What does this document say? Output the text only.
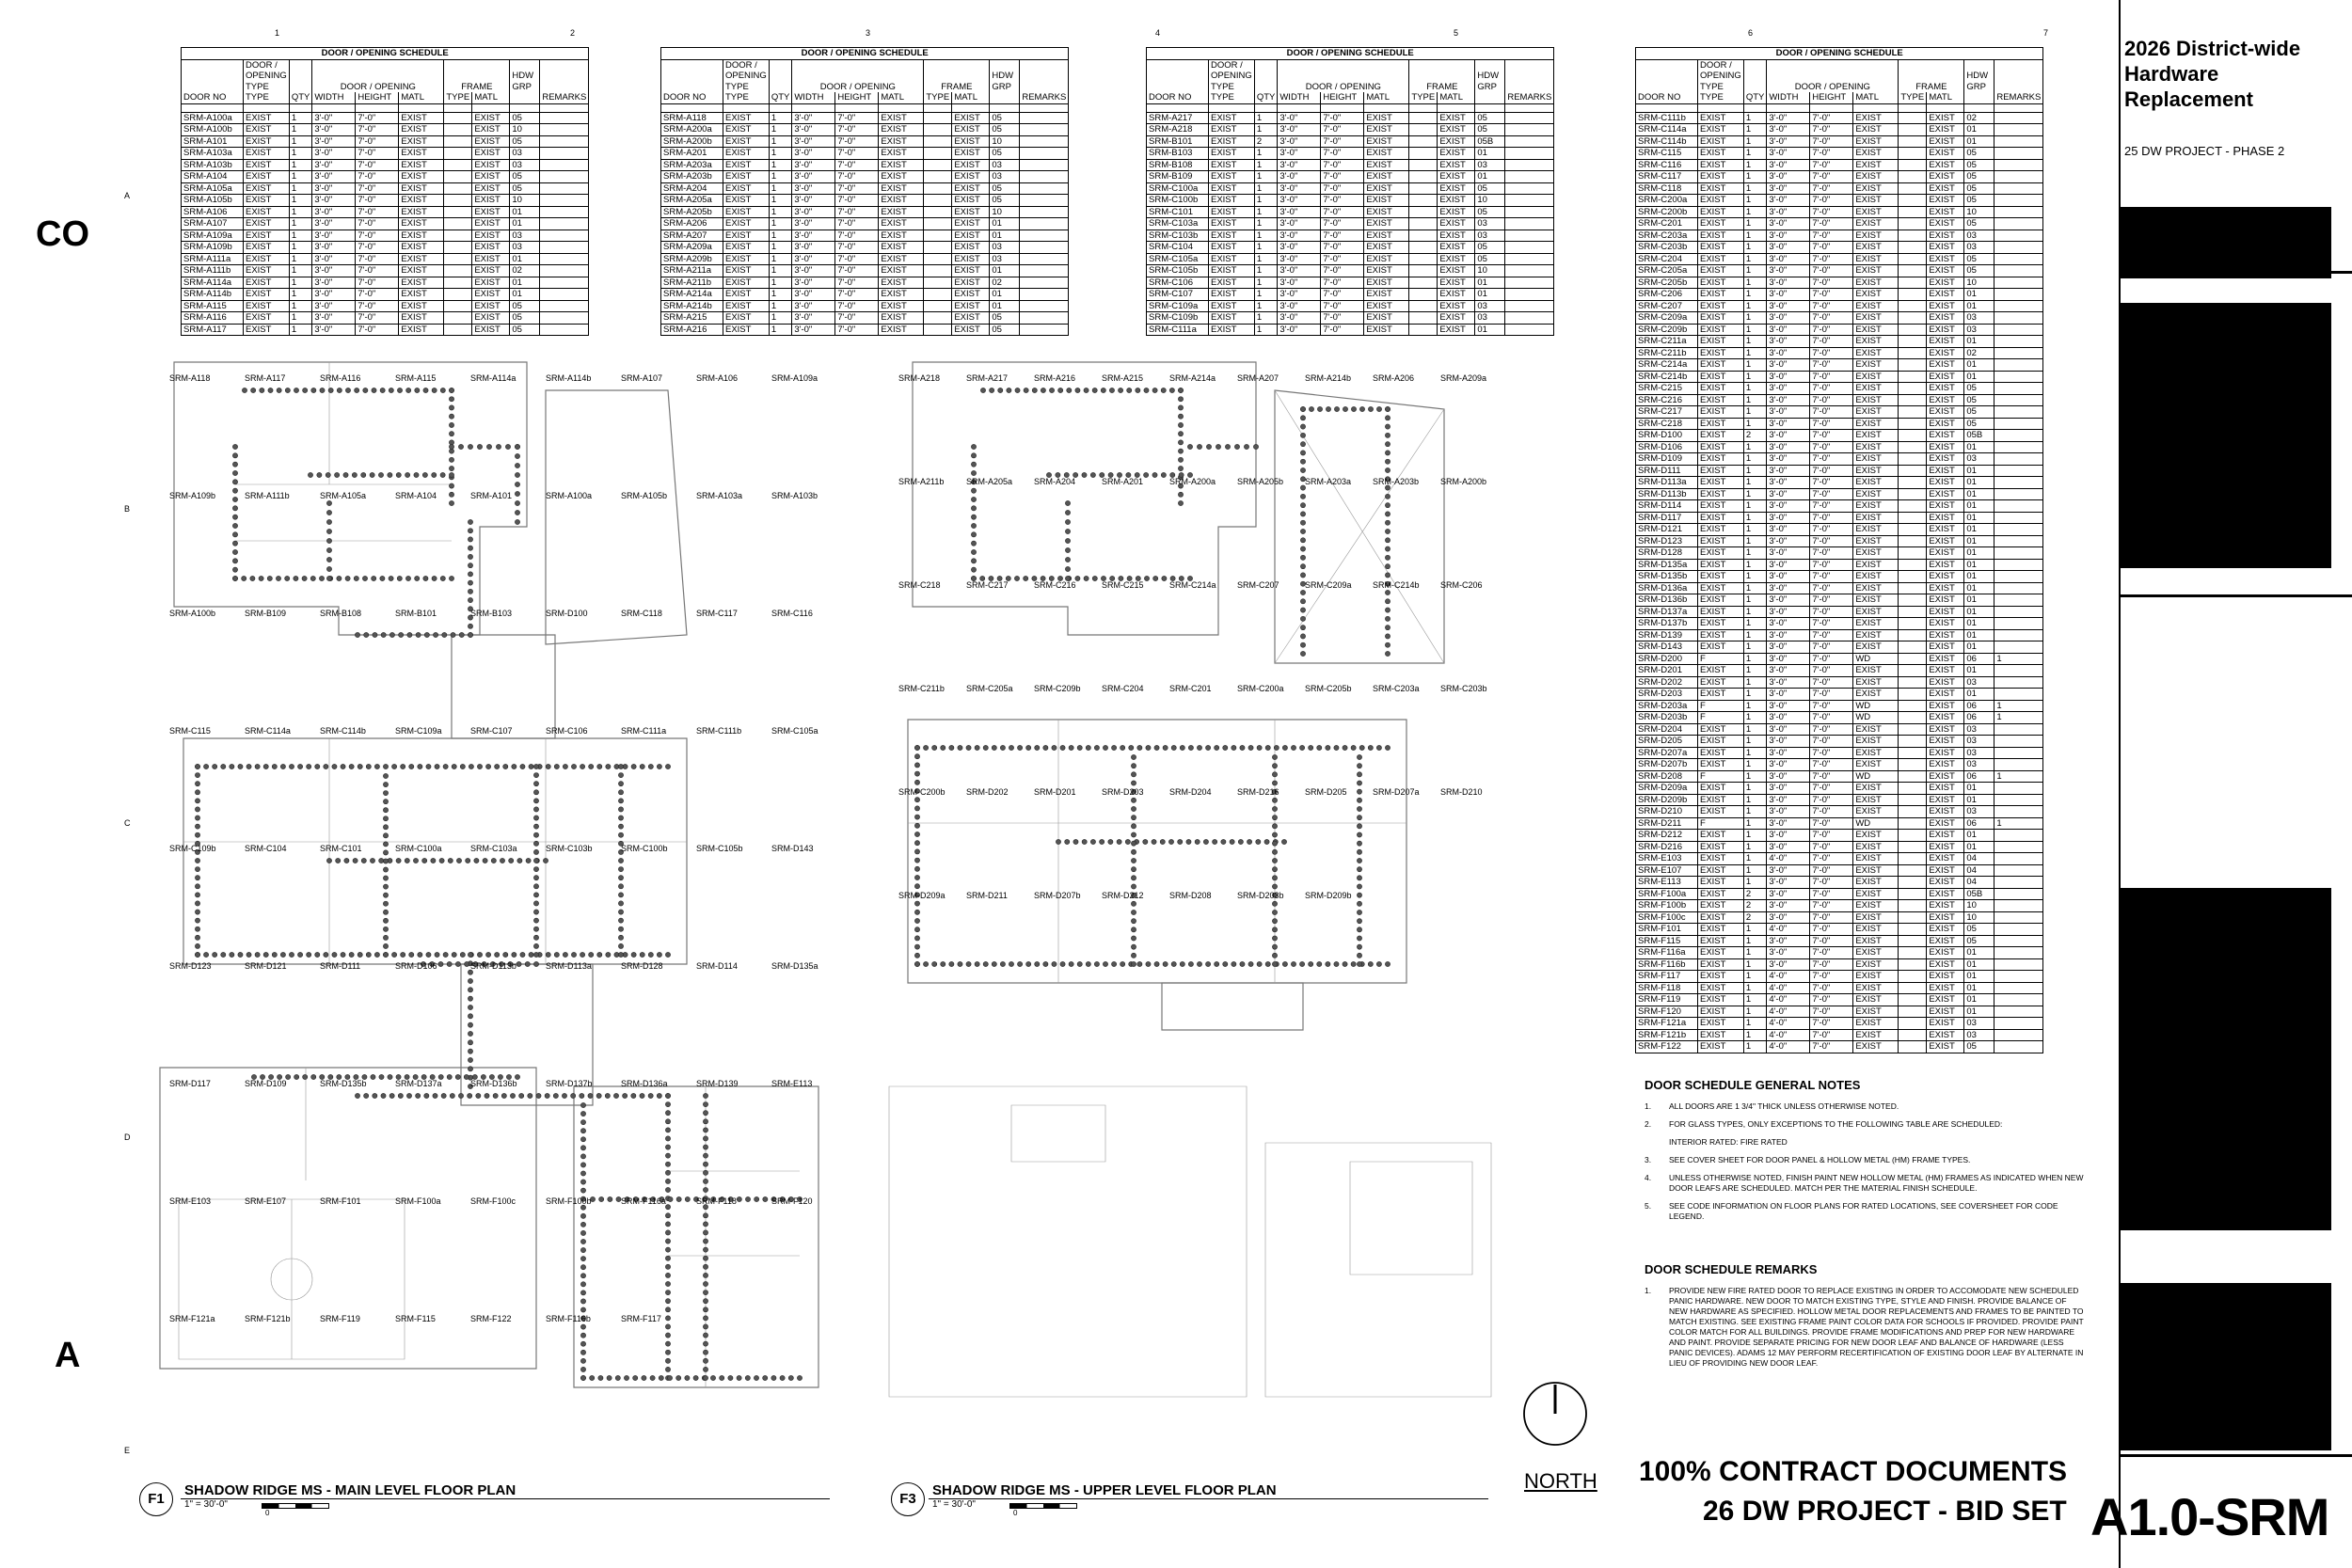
1	2	3	4	5	6	7
A
B
C
D
E
CO
A
DOOR / OPENING SCHEDULE									
	DOOR / OPENING TYPE		DOOR / OPENING			FRAME		HDW GRP	
DOOR NO	TYPE	QTY	WIDTH	HEIGHT	MATL	TYPE	MATL		REMARKS

SRM-A100a	EXIST	1	3'-0"	7'-0"	EXIST		EXIST	05	
SRM-A100b	EXIST	1	3'-0"	7'-0"	EXIST		EXIST	10	
SRM-A101	EXIST	1	3'-0"	7'-0"	EXIST		EXIST	05	
SRM-A103a	EXIST	1	3'-0"	7'-0"	EXIST		EXIST	03	
SRM-A103b	EXIST	1	3'-0"	7'-0"	EXIST		EXIST	03	
SRM-A104	EXIST	1	3'-0"	7'-0"	EXIST		EXIST	05	
SRM-A105a	EXIST	1	3'-0"	7'-0"	EXIST		EXIST	05	
SRM-A105b	EXIST	1	3'-0"	7'-0"	EXIST		EXIST	10	
SRM-A106	EXIST	1	3'-0"	7'-0"	EXIST		EXIST	01	
SRM-A107	EXIST	1	3'-0"	7'-0"	EXIST		EXIST	01	
SRM-A109a	EXIST	1	3'-0"	7'-0"	EXIST		EXIST	03	
SRM-A109b	EXIST	1	3'-0"	7'-0"	EXIST		EXIST	03	
SRM-A111a	EXIST	1	3'-0"	7'-0"	EXIST		EXIST	01	
SRM-A111b	EXIST	1	3'-0"	7'-0"	EXIST		EXIST	02	
SRM-A114a	EXIST	1	3'-0"	7'-0"	EXIST		EXIST	01	
SRM-A114b	EXIST	1	3'-0"	7'-0"	EXIST		EXIST	01	
SRM-A115	EXIST	1	3'-0"	7'-0"	EXIST		EXIST	05	
SRM-A116	EXIST	1	3'-0"	7'-0"	EXIST		EXIST	05	
SRM-A117	EXIST	1	3'-0"	7'-0"	EXIST		EXIST	05	
DOOR / OPENING SCHEDULE									
	DOOR / OPENING TYPE		DOOR / OPENING			FRAME		HDW GRP	
DOOR NO	TYPE	QTY	WIDTH	HEIGHT	MATL	TYPE	MATL		REMARKS

SRM-A118	EXIST	1	3'-0"	7'-0"	EXIST		EXIST	05	
SRM-A200a	EXIST	1	3'-0"	7'-0"	EXIST		EXIST	05	
SRM-A200b	EXIST	1	3'-0"	7'-0"	EXIST		EXIST	10	
SRM-A201	EXIST	1	3'-0"	7'-0"	EXIST		EXIST	05	
SRM-A203a	EXIST	1	3'-0"	7'-0"	EXIST		EXIST	03	
SRM-A203b	EXIST	1	3'-0"	7'-0"	EXIST		EXIST	03	
SRM-A204	EXIST	1	3'-0"	7'-0"	EXIST		EXIST	05	
SRM-A205a	EXIST	1	3'-0"	7'-0"	EXIST		EXIST	05	
SRM-A205b	EXIST	1	3'-0"	7'-0"	EXIST		EXIST	10	
SRM-A206	EXIST	1	3'-0"	7'-0"	EXIST		EXIST	01	
SRM-A207	EXIST	1	3'-0"	7'-0"	EXIST		EXIST	01	
SRM-A209a	EXIST	1	3'-0"	7'-0"	EXIST		EXIST	03	
SRM-A209b	EXIST	1	3'-0"	7'-0"	EXIST		EXIST	03	
SRM-A211a	EXIST	1	3'-0"	7'-0"	EXIST		EXIST	01	
SRM-A211b	EXIST	1	3'-0"	7'-0"	EXIST		EXIST	02	
SRM-A214a	EXIST	1	3'-0"	7'-0"	EXIST		EXIST	01	
SRM-A214b	EXIST	1	3'-0"	7'-0"	EXIST		EXIST	01	
SRM-A215	EXIST	1	3'-0"	7'-0"	EXIST		EXIST	05	
SRM-A216	EXIST	1	3'-0"	7'-0"	EXIST		EXIST	05	
DOOR / OPENING SCHEDULE									
	DOOR / OPENING TYPE		DOOR / OPENING			FRAME		HDW GRP	
DOOR NO	TYPE	QTY	WIDTH	HEIGHT	MATL	TYPE	MATL		REMARKS

SRM-A217	EXIST	1	3'-0"	7'-0"	EXIST		EXIST	05	
SRM-A218	EXIST	1	3'-0"	7'-0"	EXIST		EXIST	05	
SRM-B101	EXIST	2	3'-0"	7'-0"	EXIST		EXIST	05B	
SRM-B103	EXIST	1	3'-0"	7'-0"	EXIST		EXIST	01	
SRM-B108	EXIST	1	3'-0"	7'-0"	EXIST		EXIST	03	
SRM-B109	EXIST	1	3'-0"	7'-0"	EXIST		EXIST	01	
SRM-C100a	EXIST	1	3'-0"	7'-0"	EXIST		EXIST	05	
SRM-C100b	EXIST	1	3'-0"	7'-0"	EXIST		EXIST	10	
SRM-C101	EXIST	1	3'-0"	7'-0"	EXIST		EXIST	05	
SRM-C103a	EXIST	1	3'-0"	7'-0"	EXIST		EXIST	03	
SRM-C103b	EXIST	1	3'-0"	7'-0"	EXIST		EXIST	03	
SRM-C104	EXIST	1	3'-0"	7'-0"	EXIST		EXIST	05	
SRM-C105a	EXIST	1	3'-0"	7'-0"	EXIST		EXIST	05	
SRM-C105b	EXIST	1	3'-0"	7'-0"	EXIST		EXIST	10	
SRM-C106	EXIST	1	3'-0"	7'-0"	EXIST		EXIST	01	
SRM-C107	EXIST	1	3'-0"	7'-0"	EXIST		EXIST	01	
SRM-C109a	EXIST	1	3'-0"	7'-0"	EXIST		EXIST	03	
SRM-C109b	EXIST	1	3'-0"	7'-0"	EXIST		EXIST	03	
SRM-C111a	EXIST	1	3'-0"	7'-0"	EXIST		EXIST	01	
DOOR / OPENING SCHEDULE									
	DOOR / OPENING TYPE		DOOR / OPENING			FRAME		HDW GRP	
DOOR NO	TYPE	QTY	WIDTH	HEIGHT	MATL	TYPE	MATL		REMARKS

SRM-C111b	EXIST	1	3'-0"	7'-0"	EXIST		EXIST	02	
SRM-C114a	EXIST	1	3'-0"	7'-0"	EXIST		EXIST	01	
SRM-C114b	EXIST	1	3'-0"	7'-0"	EXIST		EXIST	01	
SRM-C115	EXIST	1	3'-0"	7'-0"	EXIST		EXIST	05	
SRM-C116	EXIST	1	3'-0"	7'-0"	EXIST		EXIST	05	
SRM-C117	EXIST	1	3'-0"	7'-0"	EXIST		EXIST	05	
SRM-C118	EXIST	1	3'-0"	7'-0"	EXIST		EXIST	05	
SRM-C200a	EXIST	1	3'-0"	7'-0"	EXIST		EXIST	05	
SRM-C200b	EXIST	1	3'-0"	7'-0"	EXIST		EXIST	10	
SRM-C201	EXIST	1	3'-0"	7'-0"	EXIST		EXIST	05	
SRM-C203a	EXIST	1	3'-0"	7'-0"	EXIST		EXIST	03	
SRM-C203b	EXIST	1	3'-0"	7'-0"	EXIST		EXIST	03	
SRM-C204	EXIST	1	3'-0"	7'-0"	EXIST		EXIST	05	
SRM-C205a	EXIST	1	3'-0"	7'-0"	EXIST		EXIST	05	
SRM-C205b	EXIST	1	3'-0"	7'-0"	EXIST		EXIST	10	
SRM-C206	EXIST	1	3'-0"	7'-0"	EXIST		EXIST	01	
SRM-C207	EXIST	1	3'-0"	7'-0"	EXIST		EXIST	01	
SRM-C209a	EXIST	1	3'-0"	7'-0"	EXIST		EXIST	03	
SRM-C209b	EXIST	1	3'-0"	7'-0"	EXIST		EXIST	03	
SRM-C211a	EXIST	1	3'-0"	7'-0"	EXIST		EXIST	01	
SRM-C211b	EXIST	1	3'-0"	7'-0"	EXIST		EXIST	02	
SRM-C214a	EXIST	1	3'-0"	7'-0"	EXIST		EXIST	01	
SRM-C214b	EXIST	1	3'-0"	7'-0"	EXIST		EXIST	01	
SRM-C215	EXIST	1	3'-0"	7'-0"	EXIST		EXIST	05	
SRM-C216	EXIST	1	3'-0"	7'-0"	EXIST		EXIST	05	
SRM-C217	EXIST	1	3'-0"	7'-0"	EXIST		EXIST	05	
SRM-C218	EXIST	1	3'-0"	7'-0"	EXIST		EXIST	05	
SRM-D100	EXIST	2	3'-0"	7'-0"	EXIST		EXIST	05B	
SRM-D106	EXIST	1	3'-0"	7'-0"	EXIST		EXIST	01	
SRM-D109	EXIST	1	3'-0"	7'-0"	EXIST		EXIST	03	
SRM-D111	EXIST	1	3'-0"	7'-0"	EXIST		EXIST	01	
SRM-D113a	EXIST	1	3'-0"	7'-0"	EXIST		EXIST	01	
SRM-D113b	EXIST	1	3'-0"	7'-0"	EXIST		EXIST	01	
SRM-D114	EXIST	1	3'-0"	7'-0"	EXIST		EXIST	01	
SRM-D117	EXIST	1	3'-0"	7'-0"	EXIST		EXIST	01	
SRM-D121	EXIST	1	3'-0"	7'-0"	EXIST		EXIST	01	
SRM-D123	EXIST	1	3'-0"	7'-0"	EXIST		EXIST	01	
SRM-D128	EXIST	1	3'-0"	7'-0"	EXIST		EXIST	01	
SRM-D135a	EXIST	1	3'-0"	7'-0"	EXIST		EXIST	01	
SRM-D135b	EXIST	1	3'-0"	7'-0"	EXIST		EXIST	01	
SRM-D136a	EXIST	1	3'-0"	7'-0"	EXIST		EXIST	01	
SRM-D136b	EXIST	1	3'-0"	7'-0"	EXIST		EXIST	01	
SRM-D137a	EXIST	1	3'-0"	7'-0"	EXIST		EXIST	01	
SRM-D137b	EXIST	1	3'-0"	7'-0"	EXIST		EXIST	01	
SRM-D139	EXIST	1	3'-0"	7'-0"	EXIST		EXIST	01	
SRM-D143	EXIST	1	3'-0"	7'-0"	EXIST		EXIST	01	
SRM-D200	F	1	3'-0"	7'-0"	WD		EXIST	06	1
SRM-D201	EXIST	1	3'-0"	7'-0"	EXIST		EXIST	01	
SRM-D202	EXIST	1	3'-0"	7'-0"	EXIST		EXIST	03	
SRM-D203	EXIST	1	3'-0"	7'-0"	EXIST		EXIST	01	
SRM-D203a	F	1	3'-0"	7'-0"	WD		EXIST	06	1
SRM-D203b	F	1	3'-0"	7'-0"	WD		EXIST	06	1
SRM-D204	EXIST	1	3'-0"	7'-0"	EXIST		EXIST	03	
SRM-D205	EXIST	1	3'-0"	7'-0"	EXIST		EXIST	03	
SRM-D207a	EXIST	1	3'-0"	7'-0"	EXIST		EXIST	03	
SRM-D207b	EXIST	1	3'-0"	7'-0"	EXIST		EXIST	03	
SRM-D208	F	1	3'-0"	7'-0"	WD		EXIST	06	1
SRM-D209a	EXIST	1	3'-0"	7'-0"	EXIST		EXIST	01	
SRM-D209b	EXIST	1	3'-0"	7'-0"	EXIST		EXIST	01	
SRM-D210	EXIST	1	3'-0"	7'-0"	EXIST		EXIST	03	
SRM-D211	F	1	3'-0"	7'-0"	WD		EXIST	06	1
SRM-D212	EXIST	1	3'-0"	7'-0"	EXIST		EXIST	01	
SRM-D216	EXIST	1	3'-0"	7'-0"	EXIST		EXIST	01	
SRM-E103	EXIST	1	4'-0"	7'-0"	EXIST		EXIST	04	
SRM-E107	EXIST	1	3'-0"	7'-0"	EXIST		EXIST	04	
SRM-E113	EXIST	1	3'-0"	7'-0"	EXIST		EXIST	04	
SRM-F100a	EXIST	2	3'-0"	7'-0"	EXIST		EXIST	05B	
SRM-F100b	EXIST	2	3'-0"	7'-0"	EXIST		EXIST	10	
SRM-F100c	EXIST	2	3'-0"	7'-0"	EXIST		EXIST	10	
SRM-F101	EXIST	1	4'-0"	7'-0"	EXIST		EXIST	05	
SRM-F115	EXIST	1	3'-0"	7'-0"	EXIST		EXIST	05	
SRM-F116a	EXIST	1	3'-0"	7'-0"	EXIST		EXIST	01	
SRM-F116b	EXIST	1	3'-0"	7'-0"	EXIST		EXIST	01	
SRM-F117	EXIST	1	4'-0"	7'-0"	EXIST		EXIST	01	
SRM-F118	EXIST	1	4'-0"	7'-0"	EXIST		EXIST	01	
SRM-F119	EXIST	1	4'-0"	7'-0"	EXIST		EXIST	01	
SRM-F120	EXIST	1	4'-0"	7'-0"	EXIST		EXIST	01	
SRM-F121a	EXIST	1	4'-0"	7'-0"	EXIST		EXIST	03	
SRM-F121b	EXIST	1	4'-0"	7'-0"	EXIST		EXIST	03	
SRM-F122	EXIST	1	4'-0"	7'-0"	EXIST		EXIST	05	
SRM-A118	SRM-A117	SRM-A116	SRM-A115	SRM-A114a	SRM-A114b	SRM-A107	SRM-A106	SRM-A109a
SRM-A109b	SRM-A111b	SRM-A105a	SRM-A104	SRM-A101	SRM-A100a	SRM-A105b	SRM-A103a	SRM-A103b
SRM-A100b	SRM-B109	SRM-B108	SRM-B101	SRM-B103	SRM-D100	SRM-C118	SRM-C117	SRM-C116
SRM-C115	SRM-C114a	SRM-C114b	SRM-C109a	SRM-C107	SRM-C106	SRM-C111a	SRM-C111b	SRM-C105a
SRM-C109b	SRM-C104	SRM-C101	SRM-C100a	SRM-C103a	SRM-C103b	SRM-C100b	SRM-C105b	SRM-D143
SRM-D123	SRM-D121	SRM-D111	SRM-D106	SRM-D113b	SRM-D113a	SRM-D128	SRM-D114	SRM-D135a
SRM-D117	SRM-D109	SRM-D135b	SRM-D137a	SRM-D136b	SRM-D137b	SRM-D136a	SRM-D139	SRM-E113
SRM-E103	SRM-E107	SRM-F101	SRM-F100a	SRM-F100c	SRM-F100b	SRM-F116a	SRM-F118	SRM-F120
SRM-F121a	SRM-F121b	SRM-F119	SRM-F115	SRM-F122	SRM-F116b	SRM-F117
SRM-A218	SRM-A217	SRM-A216	SRM-A215	SRM-A214a	SRM-A207	SRM-A214b	SRM-A206	SRM-A209a
SRM-A211b	SRM-A205a	SRM-A204	SRM-A201	SRM-A200a	SRM-A205b	SRM-A203a	SRM-A203b	SRM-A200b
SRM-C218	SRM-C217	SRM-C216	SRM-C215	SRM-C214a SRM-C207	SRM-C209a SRM-C214b SRM-C206
SRM-C211b	SRM-C205a SRM-C209b SRM-C204	SRM-C201	SRM-C200a SRM-C205b SRM-C203a SRM-C203b
SRM-C200b SRM-D202	SRM-D201	SRM-D203	SRM-D204	SRM-D216	SRM-D205	SRM-D207a SRM-D210
SRM-D209a SRM-D211	SRM-D207b SRM-D212	SRM-D208	SRM-D203b SRM-D209b
F1
SHADOW RIDGE MS - MAIN LEVEL FLOOR PLAN
1" = 30'-0"
0
F3
SHADOW RIDGE MS - UPPER LEVEL FLOOR PLAN
1" = 30'-0"
0
NORTH
DOOR SCHEDULE GENERAL NOTES
1.	ALL DOORS ARE 1 3/4" THICK UNLESS OTHERWISE NOTED.
2.	FOR GLASS TYPES, ONLY EXCEPTIONS TO THE FOLLOWING TABLE ARE SCHEDULED:
INTERIOR RATED: FIRE RATED
3.	SEE COVER SHEET FOR DOOR PANEL & HOLLOW METAL (HM) FRAME TYPES.
4.	UNLESS OTHERWISE NOTED, FINISH PAINT NEW HOLLOW METAL (HM) FRAMES AS INDICATED WHEN NEW DOOR LEAFS ARE SCHEDULED. MATCH PER THE MATERIAL FINISH SCHEDULE.
5.	SEE CODE INFORMATION ON FLOOR PLANS FOR RATED LOCATIONS, SEE COVERSHEET FOR CODE LEGEND.
DOOR SCHEDULE REMARKS
1.	PROVIDE NEW FIRE RATED DOOR TO REPLACE EXISTING IN ORDER TO ACCOMODATE NEW SCHEDULED PANIC HARDWARE. NEW DOOR TO MATCH EXISTING TYPE, STYLE AND FINISH. PROVIDE BALANCE OF NEW HARDWARE AS SPECIFIED. HOLLOW METAL DOOR REPLACEMENTS AND FRAMES TO BE PAINTED TO MATCH EXISTING. SEE EXISTING FRAME PAINT COLOR DATA FOR SCHOOLS IF PROVIDED. PROVIDE PAINT COLOR MATCH FOR ALL BUILDINGS. PROVIDE FRAME MODIFICATIONS AND PREP FOR NEW HARDWARE AND PAINT. PROVIDE SEPARATE PRICING FOR NEW DOOR LEAF AND BALANCE OF HARDWARE (LESS PANIC DEVICES). ADAMS 12 MAY PERFORM RECERTIFICATION OF EXISTING DOOR LEAF BY ALTERNATE IN LIEU OF PROVIDING NEW DOOR LEAF.
100% CONTRACT DOCUMENTS
26 DW PROJECT - BID SET
2026 District-wide Hardware Replacement
25 DW PROJECT - PHASE 2
A1.0-SRM
